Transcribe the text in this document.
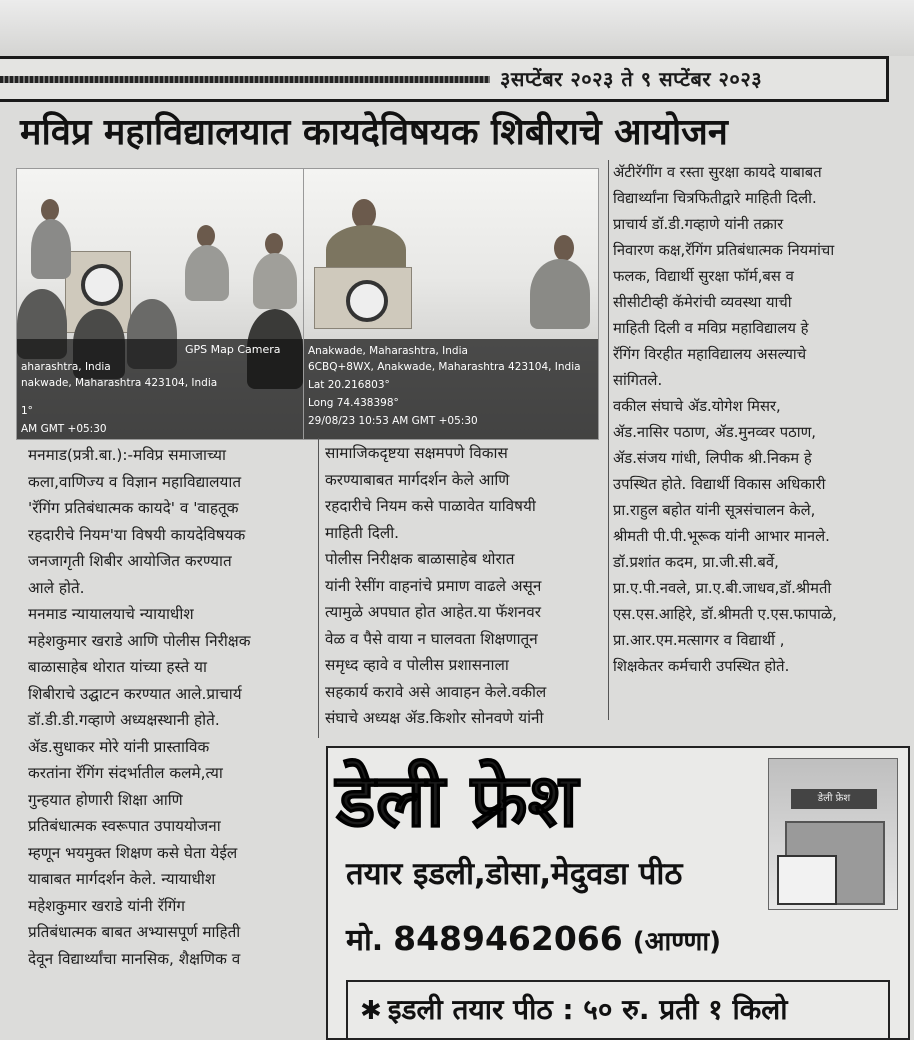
३सप्टेंबर २०२३ ते ९ सप्टेंबर २०२३
मविप्र महाविद्यालयात कायदेविषयक शिबीराचे आयोजन
GPS Map Camera
aharashtra, India
nakwade, Maharashtra 423104, India
1°
AM GMT +05:30
Anakwade, Maharashtra, India
6CBQ+8WX, Anakwade, Maharashtra 423104, India
Lat 20.216803°
Long 74.438398°
29/08/23 10:53 AM GMT +05:30
मनमाड(प्रत्री.बा.):-मविप्र समाजाच्या
कला,वाणिज्य व विज्ञान महाविद्यालयात
'रॅगिंग प्रतिबंधात्मक कायदे' व 'वाहतूक
रहदारीचे नियम'या विषयी कायदेविषयक
जनजागृती शिबीर आयोजित करण्यात
आले होते.
मनमाड न्यायालयाचे न्यायाधीश
महेशकुमार खराडे आणि पोलीस निरीक्षक
बाळासाहेब थोरात यांच्या हस्ते या
शिबीराचे उद्घाटन करण्यात आले.प्राचार्य
डॉ.डी.डी.गव्हाणे अध्यक्षस्थानी होते.
ॲड.सुधाकर मोरे यांनी प्रास्ताविक
करतांना रॅगिंग संदर्भातील कलमे,त्या
गुन्हयात होणारी शिक्षा आणि
प्रतिबंधात्मक स्वरूपात उपाययोजना
म्हणून भयमुक्त शिक्षण कसे घेता येईल
याबाबत मार्गदर्शन केले. न्यायाधीश
महेशकुमार खराडे यांनी रॅगिंग
प्रतिबंधात्मक बाबत अभ्यासपूर्ण माहिती
देवून विद्यार्थ्यांचा मानसिक, शैक्षणिक व
सामाजिकदृष्टया सक्षमपणे विकास
करण्याबाबत मार्गदर्शन केले आणि
रहदारीचे नियम कसे पाळावेत याविषयी
माहिती दिली.
पोलीस निरीक्षक बाळासाहेब थोरात
यांनी रेसींग वाहनांचे प्रमाण वाढले असून
त्यामुळे अपघात होत आहेत.या फॅशनवर
वेळ व पैसे वाया न घालवता शिक्षणातून
समृध्द व्हावे व पोलीस प्रशासनाला
सहकार्य करावे असे आवाहन केले.वकील
संघाचे अध्यक्ष ॲड.किशोर सोनवणे यांनी
ॲटीरॅगींग व रस्ता सुरक्षा कायदे याबाबत
विद्यार्थ्यांना चित्रफितीद्वारे माहिती दिली.
प्राचार्य डॉ.डी.गव्हाणे यांनी तक्रार
निवारण कक्ष,रॅगिंग प्रतिबंधात्मक नियमांचा
फलक, विद्यार्थी सुरक्षा फॉर्म,बस व
सीसीटीव्ही कॅमेरांची व्यवस्था याची
माहिती दिली व मविप्र महाविद्यालय हे
रॅगिंग विरहीत महाविद्यालय असल्याचे
सांगितले.
वकील संघाचे ॲड.योगेश मिसर,
ॲड.नासिर पठाण, ॲड.मुनव्वर पठाण,
ॲड.संजय गांधी, लिपीक श्री.निकम हे
उपस्थित होते. विद्यार्थी विकास अधिकारी
प्रा.राहुल बहोत यांनी सूत्रसंचालन केले,
श्रीमती पी.पी.भूरूक यांनी आभार मानले.
डॉ.प्रशांत कदम, प्रा.जी.सी.बर्वे,
प्रा.ए.पी.नवले, प्रा.ए.बी.जाधव,डॉ.श्रीमती
एस.एस.आहिरे, डॉ.श्रीमती ए.एस.फापाळे,
प्रा.आर.एम.मत्सागर व विद्यार्थी ,
शिक्षकेतर कर्मचारी उपस्थित होते.
डेली फ्रेश	डेली फ्रेश
तयार इडली,डोसा,मेदुवडा पीठ
मो. 8489462066 (आण्णा)
✱ इडली तयार पीठ : ५० रु. प्रती १ किलो
